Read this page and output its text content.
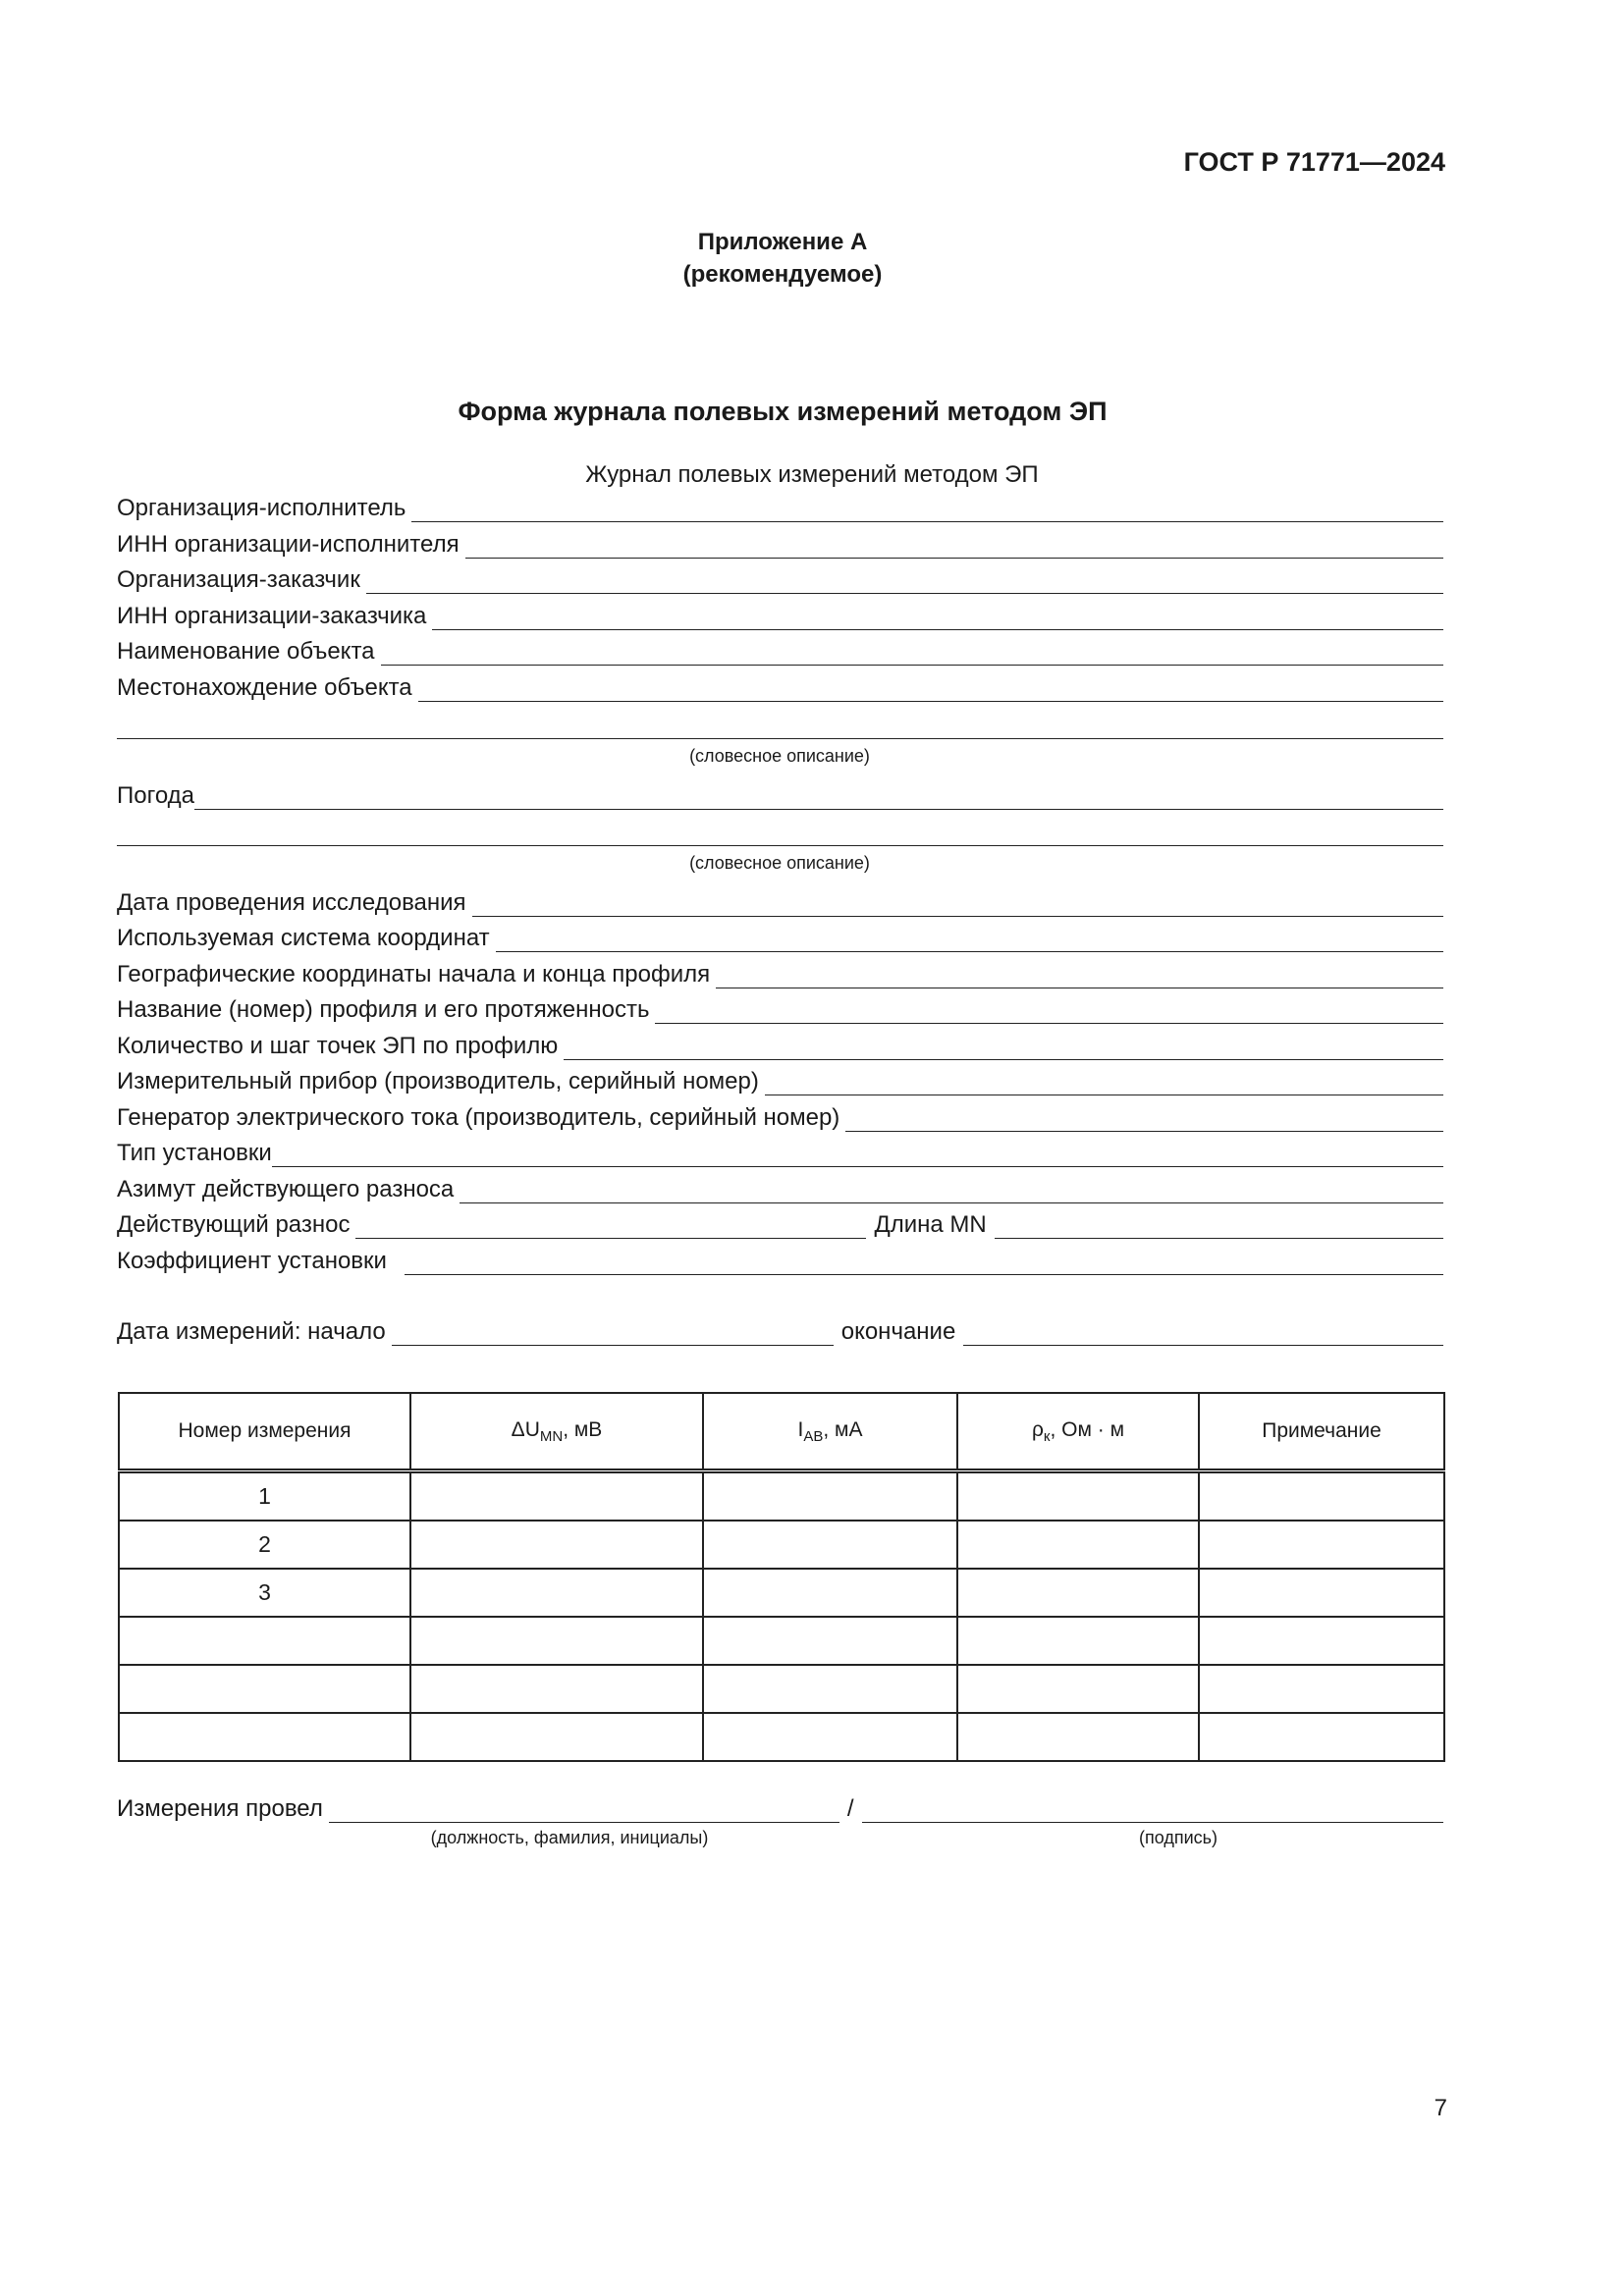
ГОСТ Р 71771—2024
Приложение А
(рекомендуемое)
Форма журнала полевых измерений методом ЭП
Журнал полевых измерений методом ЭП
Организация-исполнитель
ИНН организации-исполнителя
Организация-заказчик
ИНН организации-заказчика
Наименование объекта
Местонахождение объекта
(словесное описание)
Погода
(словесное описание)
Дата проведения исследования
Используемая система координат
Географические координаты начала и конца профиля
Название (номер) профиля и его протяженность
Количество и шаг точек ЭП по профилю
Измерительный прибор (производитель, серийный номер)
Генератор электрического тока (производитель, серийный номер)
Тип установки
Азимут действующего разноса
Действующий разнос	Длина MN
Коэффициент установки
Дата измерений: начало	окончание
Номер измерения	$\Delta U_{MN}$, мВ	$I_{AB}$, мА	$\rho_к$, Ом · м	Примечание
1				
2				
3				

Измерения провел	/
(должность, фамилия, инициалы)	(подпись)
7
